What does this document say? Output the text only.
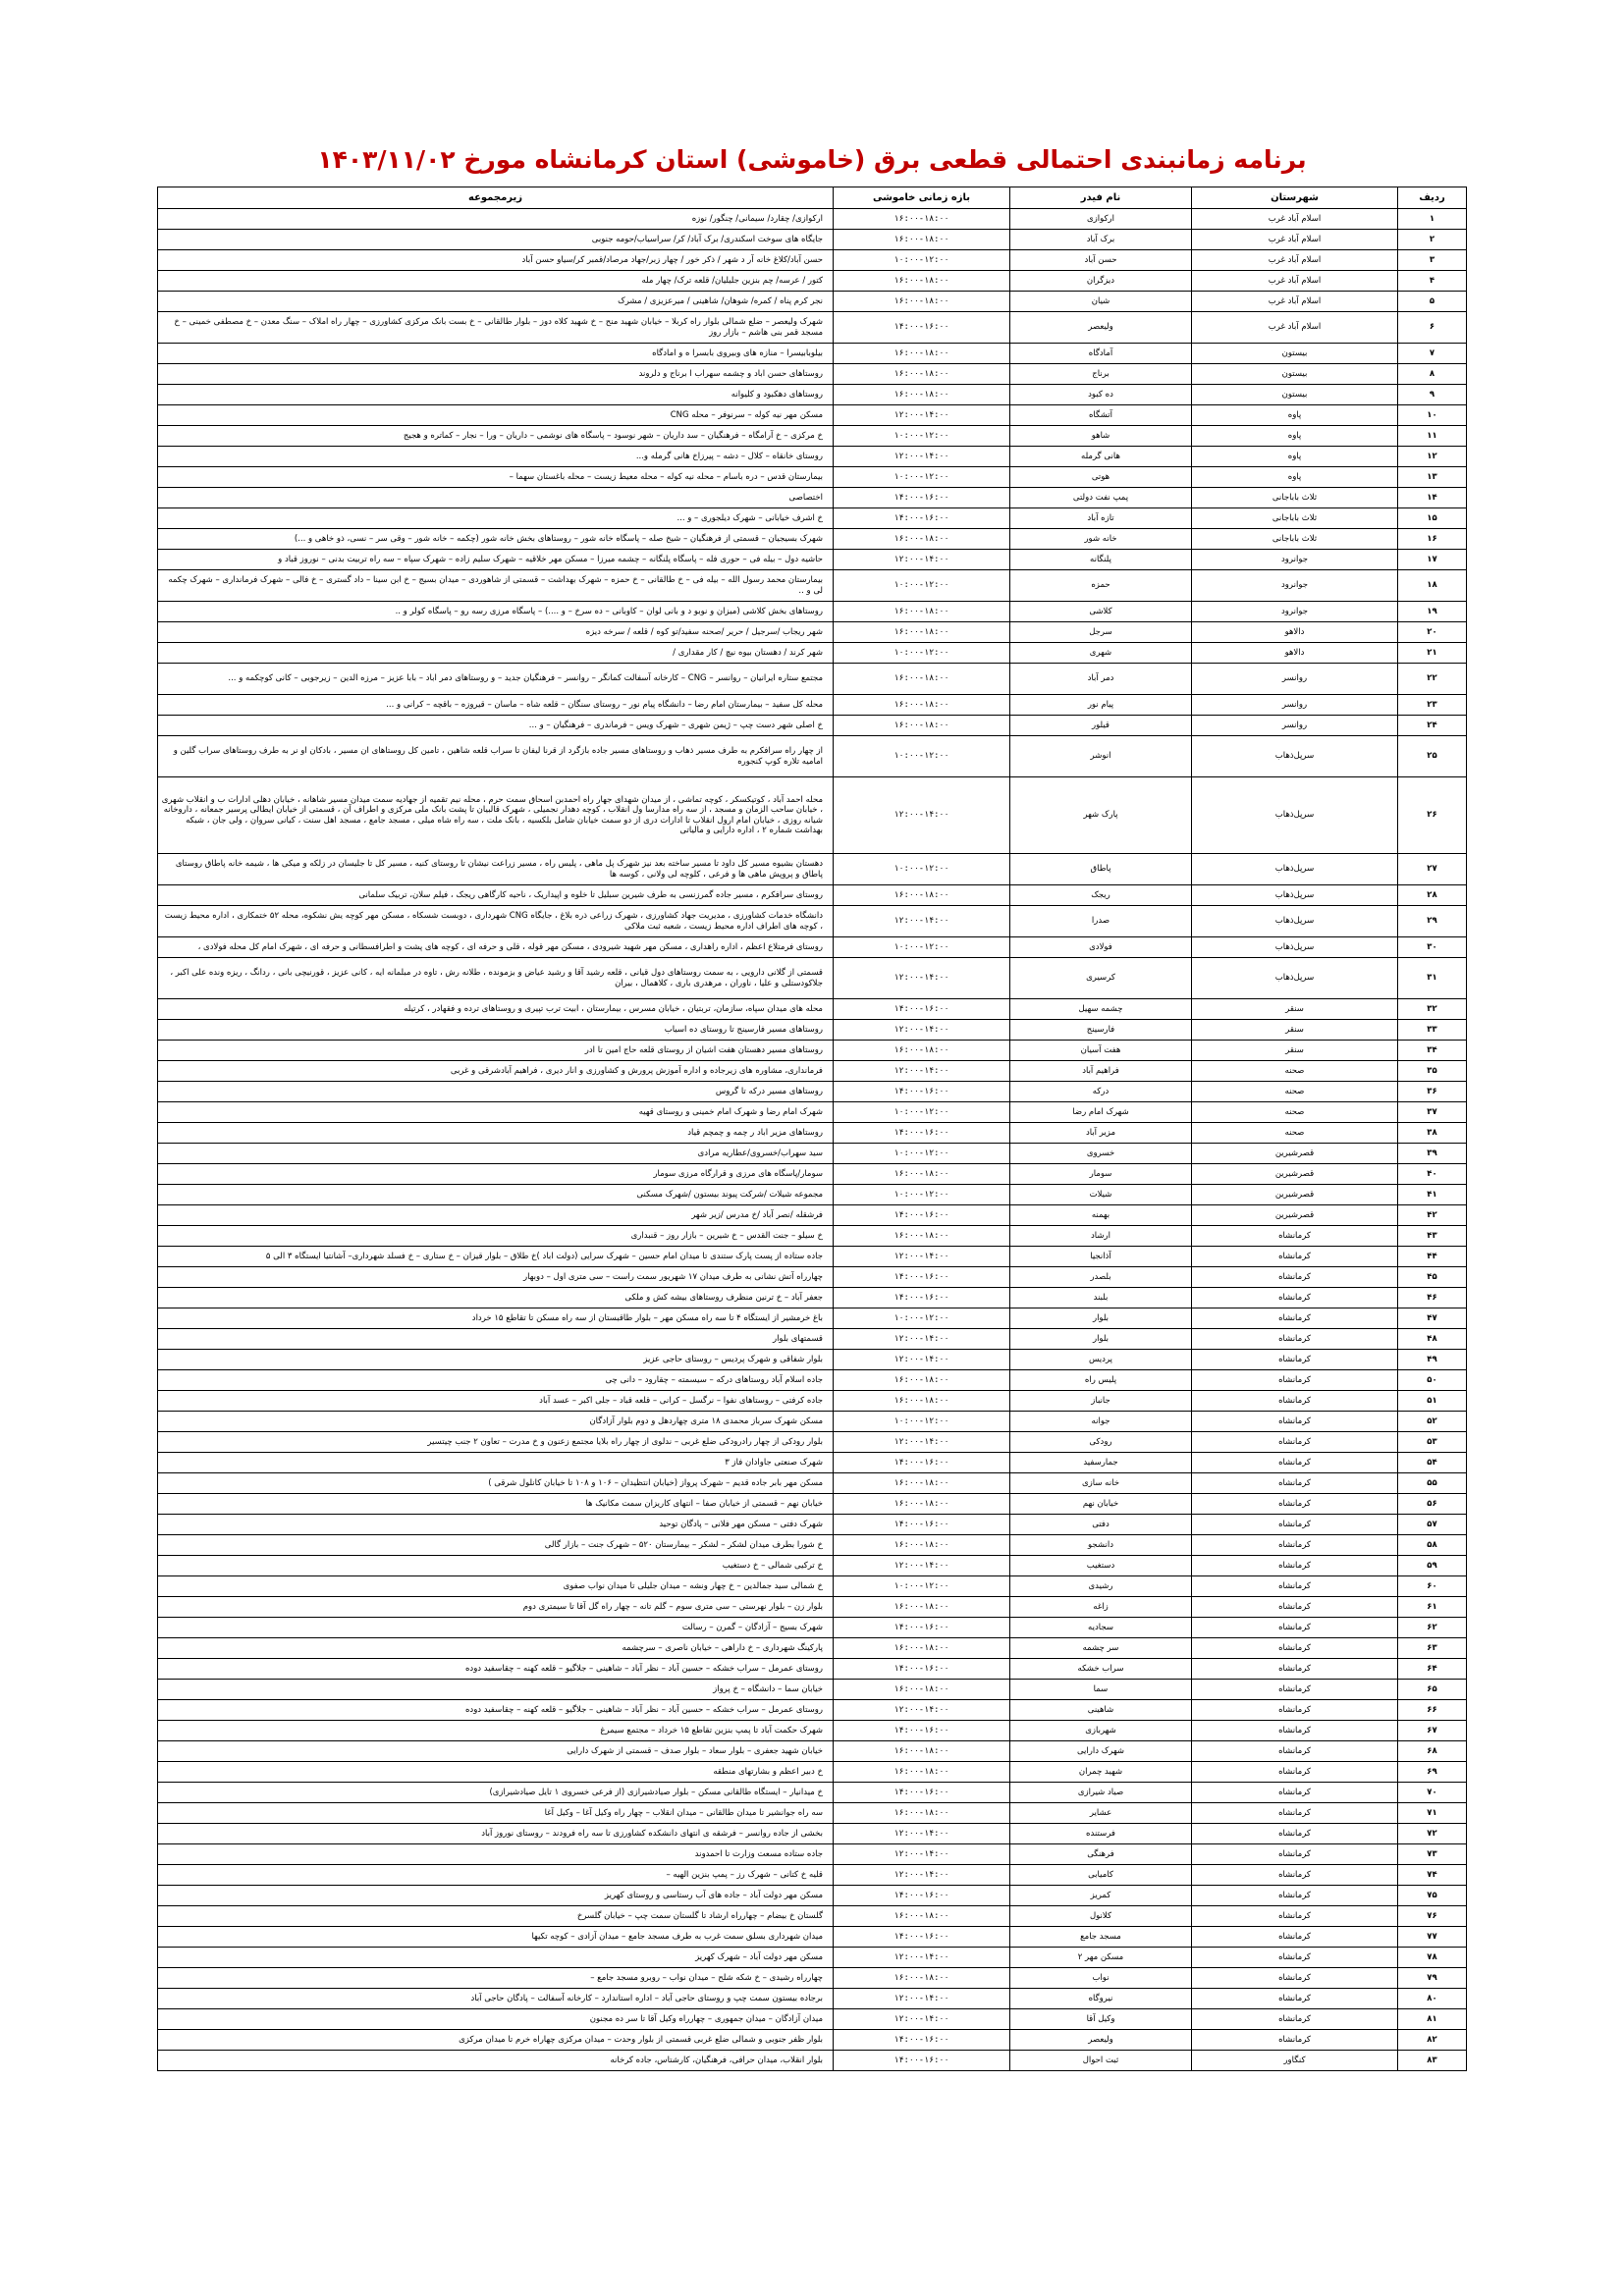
برنامه زمانبندی احتمالی قطعی برق (خاموشی) استان کرمانشاه مورخ ۱۴۰۳/۱۱/۰۲
ردیف	شهرستان	نام فیدر	بازه زمانی خاموشی	زیرمجموعه
۱	اسلام آباد غرب	ارکوازی	۱۶:۰۰-۱۸:۰۰	ارکوازی/ چقارد/ سیمانی/ چنگور/ نوزه
۲	اسلام آباد غرب	برک آباد	۱۶:۰۰-۱۸:۰۰	جایگاه های سوخت اسکندری/ برک آباد/ کر/ سراسیاب/حومه جنوبی
۳	اسلام آباد غرب	حسن آباد	۱۰:۰۰-۱۲:۰۰	حسن آباد/کلاغ خانه آر د شهر / ذکر خور / چهار زبر/جهاد مرصاد/قمبر کر/سیاو حسن آباد
۴	اسلام آباد غرب	دیزگران	۱۶:۰۰-۱۸:۰۰	کتور / عرسه/ چم بنزین جلیلیان/ قلعه ترک/ چهار مله
۵	اسلام آباد غرب	شیان	۱۶:۰۰-۱۸:۰۰	نجر کرم پناه / کمره/ شوهان/ شاهینی / میرعزیزی / مشرک
۶	اسلام آباد غرب	ولیعصر	۱۴:۰۰-۱۶:۰۰	شهرک ولیعصر – ضلع شمالی بلوار راه کربلا – خیابان شهید منح – خ شهید کلاه دوز – بلوار طالقانی – خ بست بانک مرکزی کشاورزی – چهار راه املاک – سنگ معدن – خ مصطفی خمینی – خ مسجد قمر بنی هاشم – بازار روز
۷	بیستون	آمادگاه	۱۶:۰۰-۱۸:۰۰	بیلوبابیسرا – منازه های وبیروی بابسرا ه و امادگاه
۸	بیستون	برناج	۱۶:۰۰-۱۸:۰۰	روستاهای حسن اباد و چشمه سهراب ا برناج و دلروند
۹	بیستون	ده کبود	۱۶:۰۰-۱۸:۰۰	روستاهای دهکبود و کلیوانه
۱۰	پاوه	آتشگاه	۱۲:۰۰-۱۴:۰۰	مسکن مهر نیه کوله – سرنوفر – محله CNG
۱۱	پاوه	شاهو	۱۰:۰۰-۱۲:۰۰	خ مرکزی – خ آرامگاه – فرهنگیان – سد داریان – شهر نوسود – پاسگاه های نوشمی – داریان – ورا – نجار – کماتره و هجیج
۱۲	پاوه	هانی گرمله	۱۲:۰۰-۱۴:۰۰	روستای خانقاه – کلال – دشه – پیرزاخ هانی گرمله و...
۱۳	پاوه	هوتی	۱۰:۰۰-۱۲:۰۰	بیمارستان قدس – دره باسام – محله نیه کوله – محله معیط زیست – محله باغستان سهما –
۱۴	ثلاث باباجانی	پمپ نفت دولتی	۱۴:۰۰-۱۶:۰۰	اختصاصی
۱۵	ثلاث باباجانی	تازه آباد	۱۴:۰۰-۱۶:۰۰	خ اشرف خیابانی – شهرک دیلجوری – و ...
۱۶	ثلاث باباجانی	خانه شور	۱۶:۰۰-۱۸:۰۰	شهرک بسیجیان – قسمتی از فرهنگیان – شیخ صله – پاسگاه خانه شور – روستاهای بخش خانه شور (چکمه – خانه شور – وقی سر – نسی، ذو خاهی و ...)
۱۷	جوانرود	پلنگانه	۱۲:۰۰-۱۴:۰۰	حاشیه دول – بیله فی – حوری فله – پاسگاه پلنگانه – چشمه میرزا – مسکن مهر خلاقیه – شهرک سلیم زاده – شهرک سپاه – سه راه تربیت بدنی – نوروز قباد و
۱۸	جوانرود	حمزه	۱۰:۰۰-۱۲:۰۰	بیمارستان محمد رسول الله – بیله فی – خ طالقانی – خ حمزه – شهرک بهداشت – قسمتی از شاهوردی – میدان بسیج – خ ابن سینا – داد گستری – خ فالی – شهرک فرمانداری – شهرک چکمه لی و ..
۱۹	جوانرود	کلاشی	۱۶:۰۰-۱۸:۰۰	روستاهای بخش کلاشی (میزان و نوبو د و بانی لوان – کاوبانی – ده سرخ – و ....) – پاسگاه مرزی رسه رو – پاسگاه کولر و ..
۲۰	دالاهو	سرجل	۱۶:۰۰-۱۸:۰۰	شهر ریجاب /سرجیل / حریر /صحنه سفید/تو کوه / قلعه / سرخه دیزه
۲۱	دالاهو	شهری	۱۰:۰۰-۱۲:۰۰	شهر کرند / دهستان بیوه نیچ / کار مقداری /
۲۲	روانسر	دمر آباد	۱۶:۰۰-۱۸:۰۰	مجتمع ستاره ایرانیان – روانسر – CNG – کارخانه آسفالت کمانگر – روانسر – فرهنگیان جدید – و روستاهای دمر اباد – بابا عزیز – مرزه الدین – زیرجوبی – کانی کوچکمه و ...
۲۳	روانسر	پیام نور	۱۶:۰۰-۱۸:۰۰	محله کل سفید – بیمارستان امام رضا – دانشگاه پیام نور – روستای سنگان – قلعه شاه – ماسان – قیروزه – باقچه – کرانی و ...
۲۴	روانسر	قیلور	۱۶:۰۰-۱۸:۰۰	خ اصلی شهر دست چپ – ژیمن شهری – شهرک ویس – فرماندری – فرهنگیان – و ...
۲۵	سرپل‌ذهاب	انوشر	۱۰:۰۰-۱۲:۰۰	از چهار راه سرافکرم به طرف مسیر ذهاب و روستاهای مسیر جاده بازگرد از قرنا لیفان تا سراب قلعه شاهین ، تامین کل روستاهای ان مسیر ، بادکان او نر به طرف روستاهای سراب گلین و امامیه تلاره کوپ کنجوره
۲۶	سرپل‌ذهاب	پارک شهر	۱۲:۰۰-۱۴:۰۰	محله احمد آباد ، کوتیکسکر ، کوچه تماشی ، از میدان شهدای جهار راه احمدبن اسحاق سمت حرم ، محله نیم تقمیه از جهادیه سمت میدان مسیر شاهانه ، خیابان دهلی ادارات ب و انقلاب شهری ، خیابان ساحب الزمان و مسجد ، از سه راه مدارسا ول انقلاب ، کوچه دهدار نجمیلی ، شهرک قالبیان تا پشت بانک ملی مرکزی و اطراف آن ، قسمتی از خیابان ایطالی پرسیر جمعانه ، داروخانه شیانه روزی ، خیابان امام ارول انقلاب تا ادارات دری از دو سمت خیابان شامل بلکسیه ، بانک ملت ، سه راه شاه میلی ، مسجد جامع ، مسجد اهل سنت ، کیانی سروان ، ولی جان ، شبکه بهداشت شماره ۲ ، اداره دارایی و مالیاتی
۲۷	سرپل‌ذهاب	پاطاق	۱۰:۰۰-۱۲:۰۰	دهستان بشیوه مسیر کل داود تا مسیر ساخته بعد نیز شهرک پل ماهی ، پلیس راه ، مسیر زراعت نیشان تا روستای کنیه ، مسیر کل تا جلیسان در زلکه و میکی ها ، شیمه خانه پاطاق روستای پاطاق و پروپش ماهی ها و فرعی ، کلوچه لی ولانی ، کوسه ها
۲۸	سرپل‌ذهاب	ریجک	۱۶:۰۰-۱۸:۰۰	روستای سرافکرم ، مسیر جاده گمرزنسی به طرف شیرین سبلیل تا خلوه و اپیداریک ، ناحیه کارگاهی ریجک ، فیلم سلان، تربیک سلمانی
۲۹	سرپل‌ذهاب	صدرا	۱۲:۰۰-۱۴:۰۰	دانشگاه خدمات کشاورزی ، مدیریت جهاد کشاورزی ، شهرک زراعی ذره بلاغ ، جایگاه CNG شهرداری ، دوبست شسکاه ، مسکن مهر کوچه یش نشکوه، محله ۵۲ ختمکاری ، اداره محیط زیست ، کوچه های اطراف اداره محیط زیست ، شعبه ثبت ملاکی
۳۰	سرپل‌ذهاب	فولادی	۱۰:۰۰-۱۲:۰۰	روستای فرمتلاع اعظم ، اداره راهداری ، مسکن مهر شهید شیرودی ، مسکن مهر قوله ، قلی و حرفه ای ، کوچه های پشت و اطرافسطانی و حرفه ای ، شهرک امام کل محله فولادی ،
۳۱	سرپل‌ذهاب	کرسیری	۱۲:۰۰-۱۴:۰۰	قسمتی از گلانی دارویی ، به سمت روستاهای دول قیانی ، قلعه رشید آقا و رشید عیاض و بزمونده ، طلانه رش ، تاوه در مبلمانه ایه ، کانی عزیز ، قورنیچی بانی ، ردانگ ، ریزه ونده علی اکبر ، جلاکودستلی و علیا ، ناوران ، مرهدری باری ، کلاهمال ، بیران
۳۲	سنقر	چشمه سهیل	۱۴:۰۰-۱۶:۰۰	محله های میدان سپاه، سازمان، تربتیان ، خیابان مسرس ، بیمارستان ، ابیت ترب تپیری و روستاهای ترده و فقهادر ، کرتیله
۳۳	سنقر	فارسینج	۱۲:۰۰-۱۴:۰۰	روستاهای مسیر فارسینج تا روستای ده اسیاب
۳۴	سنقر	هفت آسیان	۱۶:۰۰-۱۸:۰۰	روستاهای مسیر دهستان هفت اشیان از روستای قلعه حاج امین تا ادر
۳۵	صحنه	فراهیم آباد	۱۲:۰۰-۱۴:۰۰	فرمانداری، مشاوره های زیرجاده و اداره آموزش پرورش و کشاورزی و انار دیری ، فراهیم آبادشرقی و غربی
۳۶	صحنه	درکه	۱۴:۰۰-۱۶:۰۰	روستاهای مسیر درکه تا گروس
۳۷	صحنه	شهرک امام رضا	۱۰:۰۰-۱۲:۰۰	شهرک امام رضا و شهرک امام خمینی و روستای قهیه
۳۸	صحنه	مزیر آباد	۱۴:۰۰-۱۶:۰۰	روستاهای مزیر اباد ر چمه و چمچم قیاد
۳۹	قصرشیرین	خسروی	۱۰:۰۰-۱۲:۰۰	سید سهراب/خسروی/عطاریه مرادی
۴۰	قصرشیرین	سومار	۱۶:۰۰-۱۸:۰۰	سومار/پاسگاه های مرزی و قرارگاه مرزی سومار
۴۱	قصرشیرین	شیلات	۱۰:۰۰-۱۲:۰۰	مجموعه شیلات /شرکت پیوند بیستون /شهرک مسکنی
۴۲	قصرشیرین	بهمنه	۱۴:۰۰-۱۶:۰۰	فرشقله /نصر آباد /خ مدرس /زیر شهر
۴۳	کرمانشاه	ارشاد	۱۶:۰۰-۱۸:۰۰	خ سیلو – جنت القدس – خ شیرین – بازار روز – قنبداری
۴۴	کرمانشاه	آذانجیا	۱۲:۰۰-۱۴:۰۰	جاده ستاده از پست پارک ستندی تا میدان امام حسین – شهرک سرایی (دولت اباد )خ طلاق – بلوار قیزان – خ ستاری – خ فسلد شهرداری– آشانتیا ایستگاه ۳ الی ۵
۴۵	کرمانشاه	بلصدر	۱۴:۰۰-۱۶:۰۰	چهارراه آتش نشانی به طرف میدان ۱۷ شهریور سمت راست – سی متری اول – دوبهار
۴۶	کرمانشاه	بلبند	۱۴:۰۰-۱۶:۰۰	جعفر آباد – خ ترنین منظرف روستاهای بیشه کش و ملکی
۴۷	کرمانشاه	بلوار	۱۰:۰۰-۱۲:۰۰	باغ خرمشیر از ایستگاه ۴ تا سه راه مسکن مهر – بلوار طاقبستان از سه راه مسکن تا تقاطع ۱۵ خرداد
۴۸	کرمانشاه	بلوار	۱۲:۰۰-۱۴:۰۰	قسمتهای بلوار
۴۹	کرمانشاه	پردیس	۱۲:۰۰-۱۴:۰۰	بلوار شفاقی و شهرک پردیس – روستای حاجی عزیز
۵۰	کرمانشاه	پلیس راه	۱۶:۰۰-۱۸:۰۰	جاده اسلام آباد روستاهای درکه – سیسمته – چقارود – دانی چی
۵۱	کرمانشاه	جانباز	۱۶:۰۰-۱۸:۰۰	جاده کرفتی – روستاهای نفوا – نرگسل – کرانی – قلعه قباد – جلی اکبر – عسد آباد
۵۲	کرمانشاه	جوانه	۱۰:۰۰-۱۲:۰۰	مسکن شهرک سرباز محمدی ۱۸ متری چهاردهل و دوم بلوار آزادگان
۵۳	کرمانشاه	رودکی	۱۲:۰۰-۱۴:۰۰	بلوار رودکی از چهار رادرودکی ضلع غربی – ندلوی از چهار راه بلایا مجتمع زعنون و خ مدرت – تعاون ۲ جنب چیتسیر
۵۴	کرمانشاه	جمارسفید	۱۴:۰۰-۱۶:۰۰	شهرک صنعتی جاوادان فاز ۳
۵۵	کرمانشاه	خانه سازی	۱۶:۰۰-۱۸:۰۰	مسکن مهر بابر جاده قدیم – شهرک پرواز (خیابان انتظیدان – ۱۰۶ و ۱۰۸ تا خیابان کانلول شرقی )
۵۶	کرمانشاه	خیابان نهم	۱۶:۰۰-۱۸:۰۰	خیابان نهم – قسمتی از خیابان صفا – انتهای کاریزان سمت مکانیک ها
۵۷	کرمانشاه	دفتی	۱۴:۰۰-۱۶:۰۰	شهرک دفتی – مسکن مهر فلانی – پادگان توحید
۵۸	کرمانشاه	دانشجو	۱۶:۰۰-۱۸:۰۰	خ شورا بطرف میدان لشکر – لشکر – بیمارستان ۵۲۰ – شهرک جنت – بازار گالی
۵۹	کرمانشاه	دستغیب	۱۲:۰۰-۱۴:۰۰	خ ترکیی شمالی – خ دستغیب
۶۰	کرمانشاه	رشیدی	۱۰:۰۰-۱۲:۰۰	خ شمالی سید جمالدین – خ چهار ونشه – میدان جلیلی تا میدان نواب صفوی
۶۱	کرمانشاه	زاغه	۱۶:۰۰-۱۸:۰۰	بلوار زن – بلوار نهرستی – سی متری سوم – گلم تانه – چهار راه گل آقا تا سیمتری دوم
۶۲	کرمانشاه	سجادیه	۱۴:۰۰-۱۶:۰۰	شهرک بسیج – آزادگان – گمرن – رسالت
۶۳	کرمانشاه	سر چشمه	۱۶:۰۰-۱۸:۰۰	پارکینگ شهرداری – خ داراهی – خیابان ناصری – سرچشمه
۶۴	کرمانشاه	سراب خشکه	۱۴:۰۰-۱۶:۰۰	روستای عمرمل – سراب خشکه – حسین آباد – نظر آباد – شاهینی – جلاگیو – قلعه کهنه – چقاسفید دوده
۶۵	کرمانشاه	سما	۱۶:۰۰-۱۸:۰۰	خیابان سما – دانشگاه – خ پرواز
۶۶	کرمانشاه	شاهینی	۱۲:۰۰-۱۴:۰۰	روستای عمرمل – سراب خشکه – حسین آباد – نظر آباد – شاهینی – جلاگیو – قلعه کهنه – چقاسفید دوده
۶۷	کرمانشاه	شهربازی	۱۴:۰۰-۱۶:۰۰	شهرک حکمت آباد تا پمپ بنزین تقاطع ۱۵ خرداد – مجتمع سیمرغ
۶۸	کرمانشاه	شهرک دارایی	۱۶:۰۰-۱۸:۰۰	خیابان شهید جعفری – بلوار سعاد – بلوار صدف – قسمتی از شهرک دارایی
۶۹	کرمانشاه	شهید چمران	۱۶:۰۰-۱۸:۰۰	خ دبیر اعظم و بشارتهای منطقه
۷۰	کرمانشاه	صیاد شیرازی	۱۴:۰۰-۱۶:۰۰	خ میدانیار – ایستگاه طالقانی مسکن – بلوار صیادشیرازی (از فرعی خسروی ۱ تایل صیادشیرازی)
۷۱	کرمانشاه	عشایر	۱۶:۰۰-۱۸:۰۰	سه راه جوانشیر تا میدان طالقانی – میدان انقلاب – چهار راه وکیل آغا – وکیل آغا
۷۲	کرمانشاه	فرستنده	۱۲:۰۰-۱۴:۰۰	بخشی از جاده روانسر – فرشقه ی انتهای دانشکده کشاورزی تا سه راه فرودند – روستای نوروز آباد
۷۳	کرمانشاه	فرهنگی	۱۲:۰۰-۱۴:۰۰	جاده ستاده مسعت وزارت تا احمدوند
۷۴	کرمانشاه	کامیابی	۱۲:۰۰-۱۴:۰۰	قلیه خ کتانی – شهرک رز – پمپ بنزین الهیه –
۷۵	کرمانشاه	کمریز	۱۴:۰۰-۱۶:۰۰	مسکن مهر دولت آباد – جاده های آب رستاسی و روستای کهریز
۷۶	کرمانشاه	کلانول	۱۶:۰۰-۱۸:۰۰	گلستان خ بیضام – چهارراه ارشاد تا گلستان سمت چپ – خیابان گلسرخ
۷۷	کرمانشاه	مسجد جامع	۱۴:۰۰-۱۶:۰۰	میدان شهرداری بسلق سمت غرب به طرف مسجد جامع – میدان آزادی – کوچه تکیها
۷۸	کرمانشاه	مسکن مهر ۲	۱۲:۰۰-۱۴:۰۰	مسکن مهر دولت آباد – شهرک کهریز
۷۹	کرمانشاه	نواب	۱۶:۰۰-۱۸:۰۰	چهارراه رشیدی – خ شکه شلح – میدان نواب – روبرو مسجد جامع –
۸۰	کرمانشاه	نیروگاه	۱۲:۰۰-۱۴:۰۰	برجاده بیستون سمت چپ و روستای حاجی آباد – اداره استاندارد – کارخانه آسفالت – پادگان حاجی آباد
۸۱	کرمانشاه	وکیل آقا	۱۲:۰۰-۱۴:۰۰	میدان آزادگان – میدان جمهوری – چهارراه وکیل آقا تا سر ده مجنون
۸۲	کرمانشاه	ولیعصر	۱۴:۰۰-۱۶:۰۰	بلوار ظفر جنوبی و شمالی ضلع غربی قسمتی از بلوار وحدت – میدان مرکزی چهاراه خرم تا میدان مرکزی
۸۳	کنگاور	ثبت احوال	۱۴:۰۰-۱۶:۰۰	بلوار انقلاب، میدان حرافی، فرهنگیان، کارشتاس، جاده کرخانه
